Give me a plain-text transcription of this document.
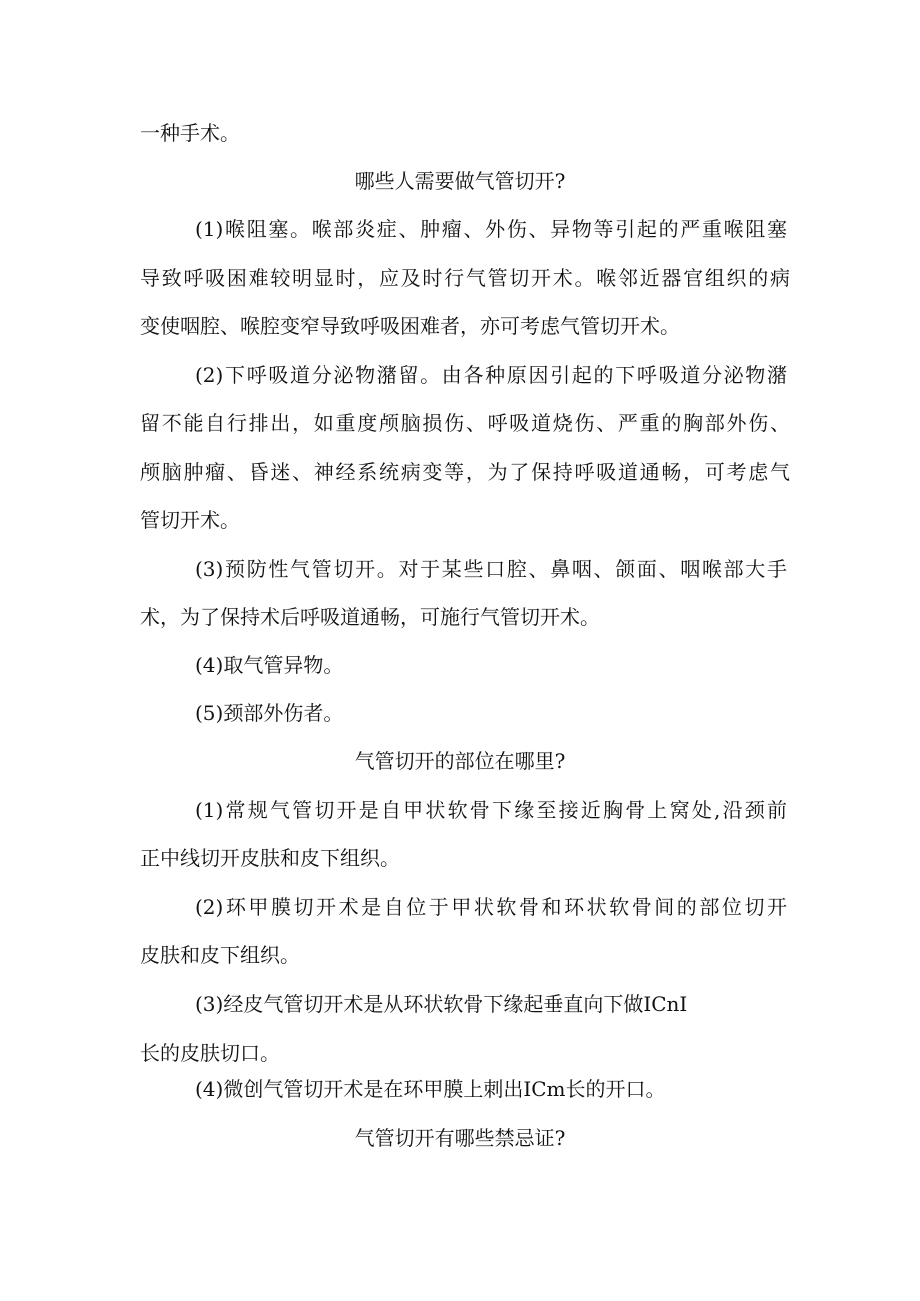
一种手术。
哪些人需要做气管切开?
(1)喉阻塞。喉部炎症、肿瘤、外伤、异物等引起的严重喉阻塞
导致呼吸困难较明显时，应及时行气管切开术。喉邻近器官组织的病
变使咽腔、喉腔变窄导致呼吸困难者，亦可考虑气管切开术。
(2)下呼吸道分泌物潴留。由各种原因引起的下呼吸道分泌物潴
留不能自行排出，如重度颅脑损伤、呼吸道烧伤、严重的胸部外伤、
颅脑肿瘤、昏迷、神经系统病变等，为了保持呼吸道通畅，可考虑气
管切开术。
(3)预防性气管切开。对于某些口腔、鼻咽、颌面、咽喉部大手
术，为了保持术后呼吸道通畅，可施行气管切开术。
(4)取气管异物。
(5)颈部外伤者。
气管切开的部位在哪里?
(1)常规气管切开是自甲状软骨下缘至接近胸骨上窝处,沿颈前
正中线切开皮肤和皮下组织。
(2)环甲膜切开术是自位于甲状软骨和环状软骨间的部位切开
皮肤和皮下组织。
(3)经皮气管切开术是从环状软骨下缘起垂直向下做ICnI
长的皮肤切口。
(4)微创气管切开术是在环甲膜上刺出ICm长的开口。
气管切开有哪些禁忌证?
